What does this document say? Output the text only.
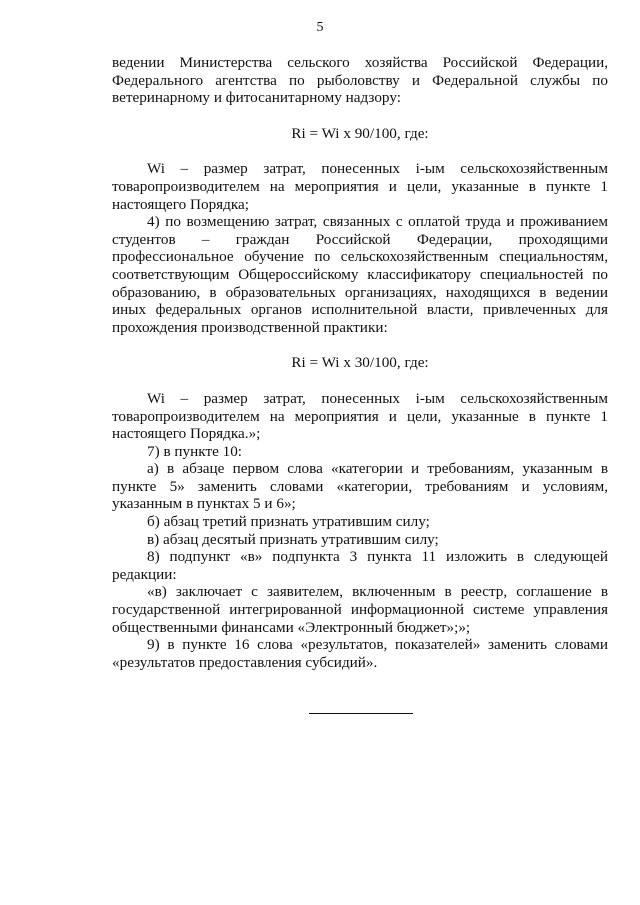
5

ведении Министерства сельского хозяйства Российской Федерации, Федерального агентства по рыболовству и Федеральной службы по ветеринарному и фитосанитарному надзору:

Ri = Wi х 90/100, где:

Wi – размер затрат, понесенных i-ым сельскохозяйственным товаропроизводителем на мероприятия и цели, указанные в пункте 1 настоящего Порядка;

4) по возмещению затрат, связанных с оплатой труда и проживанием студентов – граждан Российской Федерации, проходящими профессиональное обучение по сельскохозяйственным специальностям, соответствующим Общероссийскому классификатору специальностей по образованию, в образовательных организациях, находящихся в ведении иных федеральных органов исполнительной власти, привлеченных для прохождения производственной практики:

Ri = Wi х 30/100, где:

Wi – размер затрат, понесенных i-ым сельскохозяйственным товаропроизводителем на мероприятия и цели, указанные в пункте 1 настоящего Порядка.»;

7) в пункте 10:

а) в абзаце первом слова «категории и требованиям, указанным в пункте 5» заменить словами «категории, требованиям и условиям, указанным в пунктах 5 и 6»;

б) абзац третий признать утратившим силу;

в) абзац десятый признать утратившим силу;

8) подпункт «в» подпункта 3 пункта 11 изложить в следующей редакции:

«в) заключает с заявителем, включенным в реестр, соглашение в государственной интегрированной информационной системе управления общественными финансами «Электронный бюджет»;»;

9) в пункте 16 слова «результатов, показателей» заменить словами «результатов предоставления субсидий».
